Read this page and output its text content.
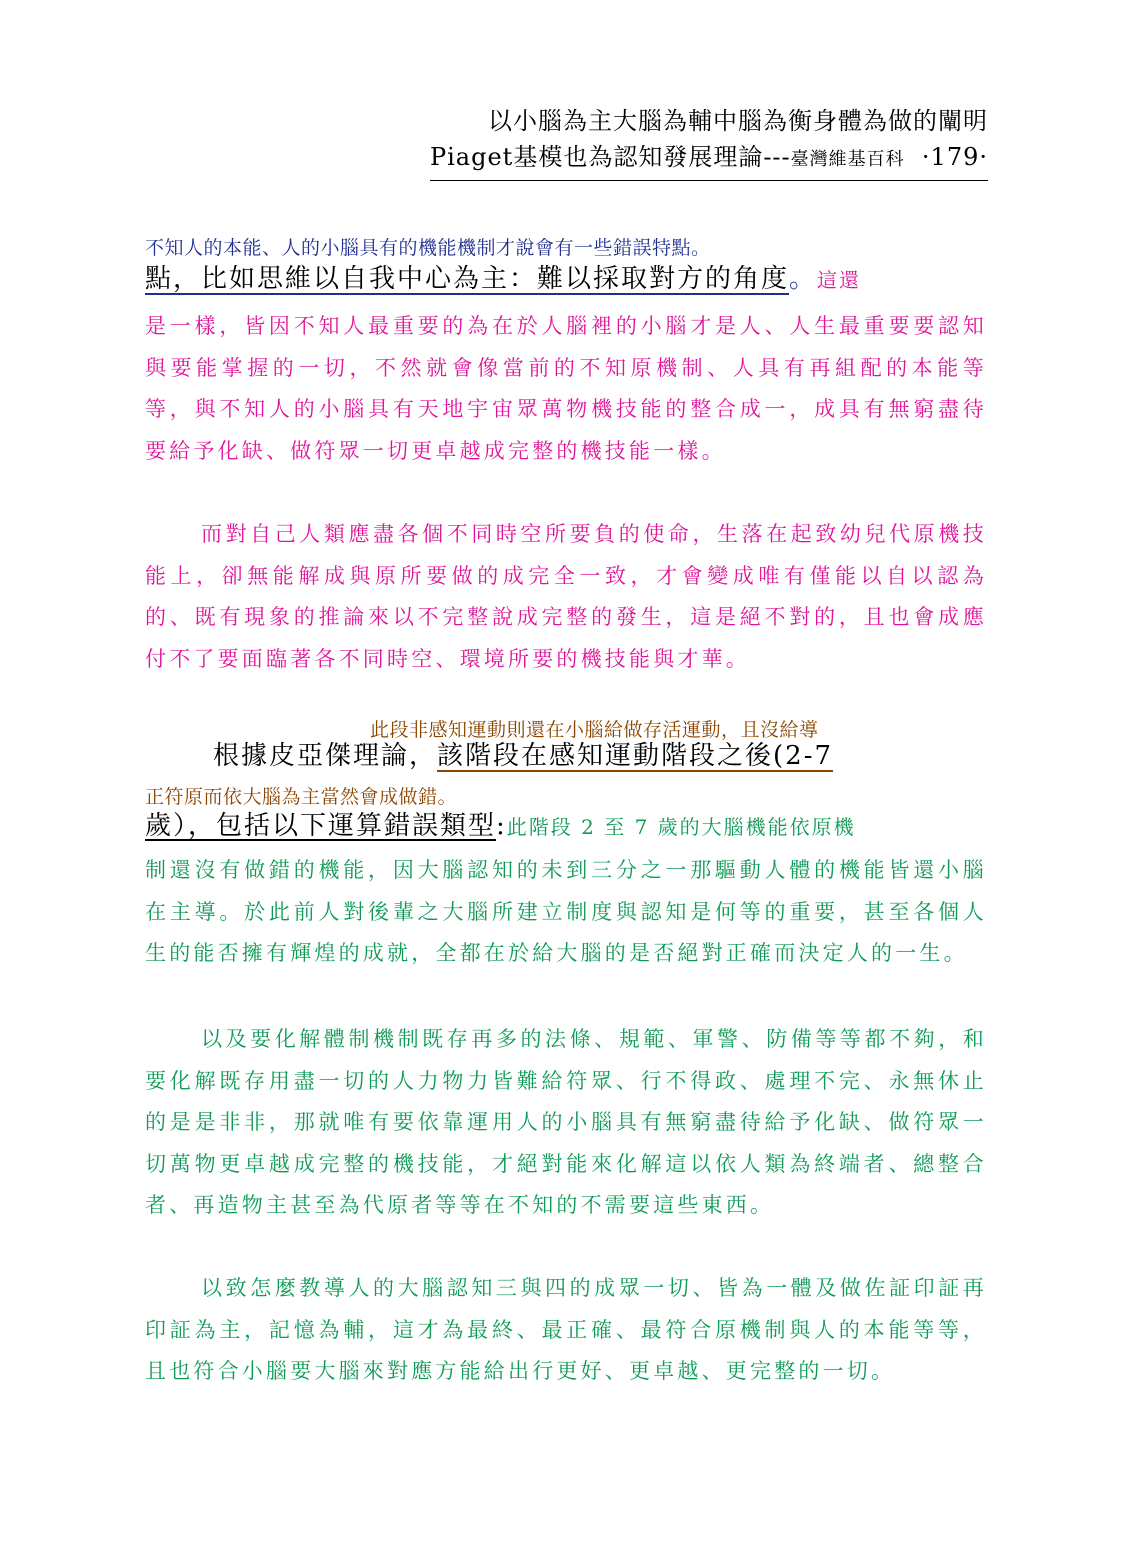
以小腦為主大腦為輔中腦為衡身體為做的闡明
Piaget基模也為認知發展理論---臺灣維基百科 ·179·
不知人的本能、人的小腦具有的機能機制才說會有一些錯誤特點。
點，比如思維以自我中心為主：難以採取對方的角度。這還
是一樣，皆因不知人最重要的為在於人腦裡的小腦才是人、人生最重要要認知與要能掌握的一切，不然就會像當前的不知原機制、人具有再組配的本能等等，與不知人的小腦具有天地宇宙眾萬物機技能的整合成一，成具有無窮盡待要給予化缺、做符眾一切更卓越成完整的機技能一樣。
而對自己人類應盡各個不同時空所要負的使命，生落在起致幼兒代原機技能上，卻無能解成與原所要做的成完全一致，才會變成唯有僅能以自以認為的、既有現象的推論來以不完整說成完整的發生，這是絕不對的，且也會成應付不了要面臨著各不同時空、環境所要的機技能與才華。
此段非感知運動則還在小腦給做存活運動，且沒給導
根據皮亞傑理論，該階段在感知運動階段之後(2-7
正符原而依大腦為主當然會成做錯。
歲），包括以下運算錯誤類型:此階段 2 至 7 歲的大腦機能依原機
制還沒有做錯的機能，因大腦認知的未到三分之一那驅動人體的機能皆還小腦在主導。於此前人對後輩之大腦所建立制度與認知是何等的重要，甚至各個人生的能否擁有輝煌的成就，全都在於給大腦的是否絕對正確而決定人的一生。
以及要化解體制機制既存再多的法條、規範、軍警、防備等等都不夠，和要化解既存用盡一切的人力物力皆難給符眾、行不得政、處理不完、永無休止的是是非非，那就唯有要依靠運用人的小腦具有無窮盡待給予化缺、做符眾一切萬物更卓越成完整的機技能，才絕對能來化解這以依人類為終端者、總整合者、再造物主甚至為代原者等等在不知的不需要這些東西。
以致怎麼教導人的大腦認知三與四的成眾一切、皆為一體及做佐証印証再印証為主，記憶為輔，這才為最終、最正確、最符合原機制與人的本能等等，且也符合小腦要大腦來對應方能給出行更好、更卓越、更完整的一切。
